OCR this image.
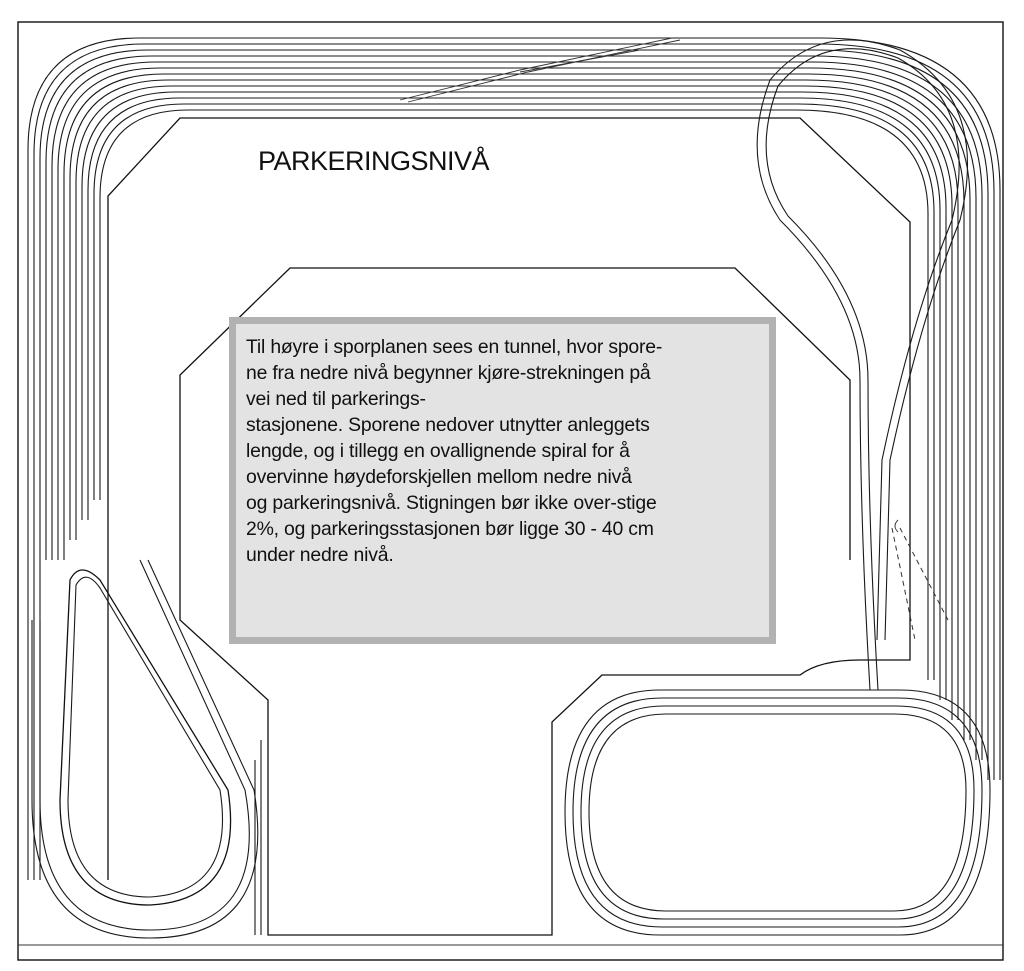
PARKERINGSNIVÅ

Til høyre i sporplanen sees en tunnel, hvor spore-
ne fra nedre nivå begynner kjøre-strekningen på
vei ned til parkerings-
stasjonene. Sporene nedover utnytter anleggets
lengde, og i tillegg en ovallignende spiral for å
overvinne høydeforskjellen mellom nedre nivå
og parkeringsnivå. Stigningen bør ikke over-stige
2%, og parkeringsstasjonen bør ligge 30 - 40 cm
under nedre nivå.
